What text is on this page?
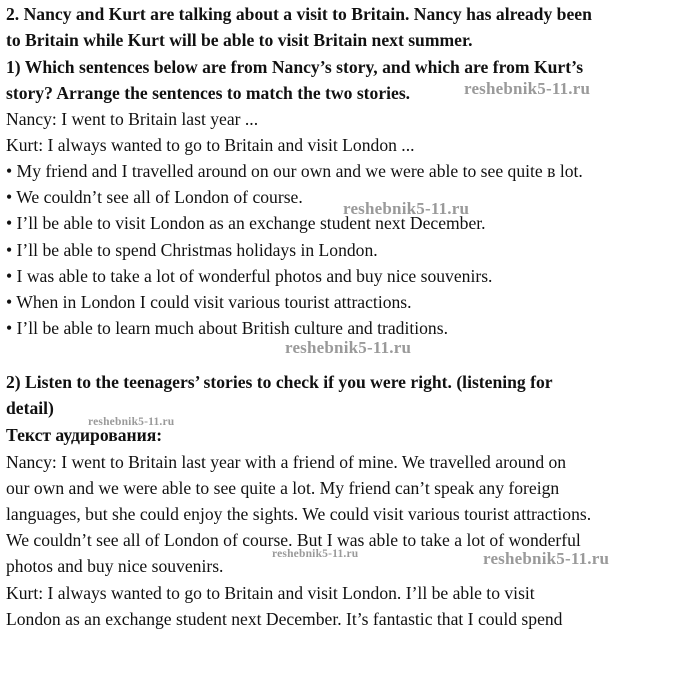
2. Nancy and Kurt are talking about a visit to Britain. Nancy has already been
to Britain while Kurt will be able to visit Britain next summer.
1) Which sentences below are from Nancy’s story, and which are from Kurt’s
story? Arrange the sentences to match the two stories.
Nancy: I went to Britain last year ...
Kurt: I always wanted to go to Britain and visit London ...
• My friend and I travelled around on our own and we were able to see quite в lot.
• We couldn’t see all of London of course.
• I’ll be able to visit London as an exchange student next December.
• I’ll be able to spend Christmas holidays in London.
• I was able to take a lot of wonderful photos and buy nice souvenirs.
• When in London I could visit various tourist attractions.
• I’ll be able to learn much about British culture and traditions.
2) Listen to the teenagers’ stories to check if you were right. (listening for
detail)
Текст аудирования:
Nancy: I went to Britain last year with a friend of mine. We travelled around on
our own and we were able to see quite a lot. My friend can’t speak any foreign
languages, but she could enjoy the sights. We could visit various tourist attractions.
We couldn’t see all of London of course. But I was able to take a lot of wonderful
photos and buy nice souvenirs.
Kurt: I always wanted to go to Britain and visit London. I’ll be able to visit
London as an exchange student next December. It’s fantastic that I could spend
reshebnik5-11.ru
reshebnik5-11.ru
reshebnik5-11.ru
reshebnik5-11.ru
reshebnik5-11.ru	reshebnik5-11.ru
